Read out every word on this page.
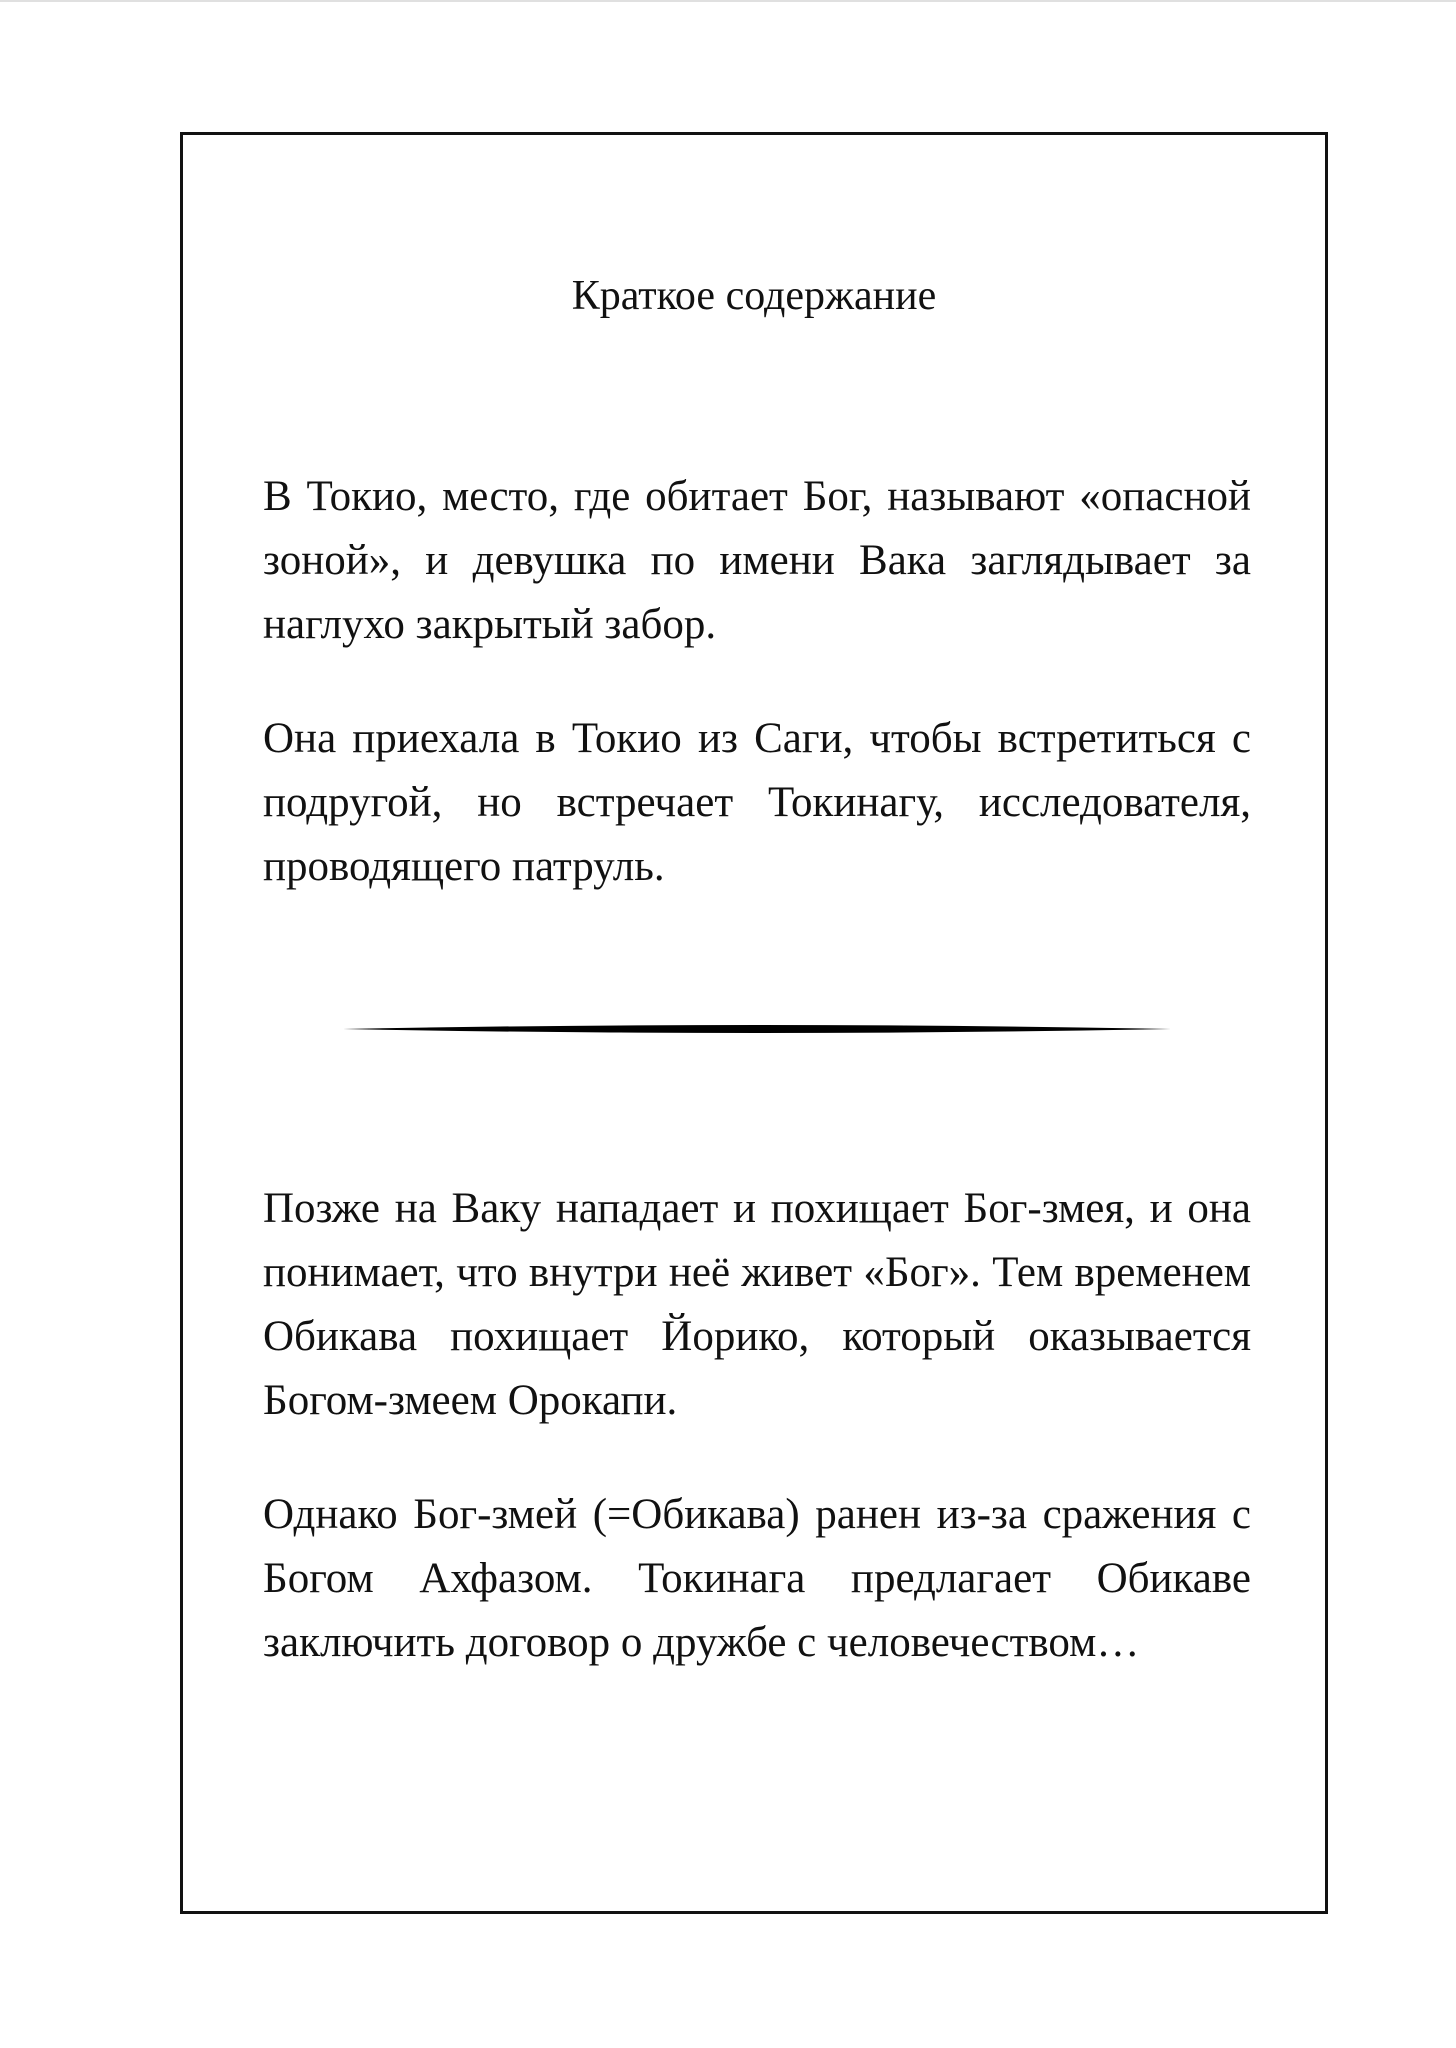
Краткое содержание

В Токио, место, где обитает Бог, называют «опасной зоной», и девушка по имени Вака заглядывает за наглухо закрытый забор.

Она приехала в Токио из Саги, чтобы встретиться с подругой, но встречает Токинагу, исследователя, проводящего патруль.

Позже на Ваку нападает и похищает Бог-змея, и она понимает, что внутри неё живет «Бог». Тем временем Обикава похищает Йорико, который оказывается Богом-змеем Орокапи.

Однако Бог-змей (=Обикава) ранен из-за сражения с Богом Ахфазом. Токинага предлагает Обикаве заключить договор о дружбе с человечеством…
